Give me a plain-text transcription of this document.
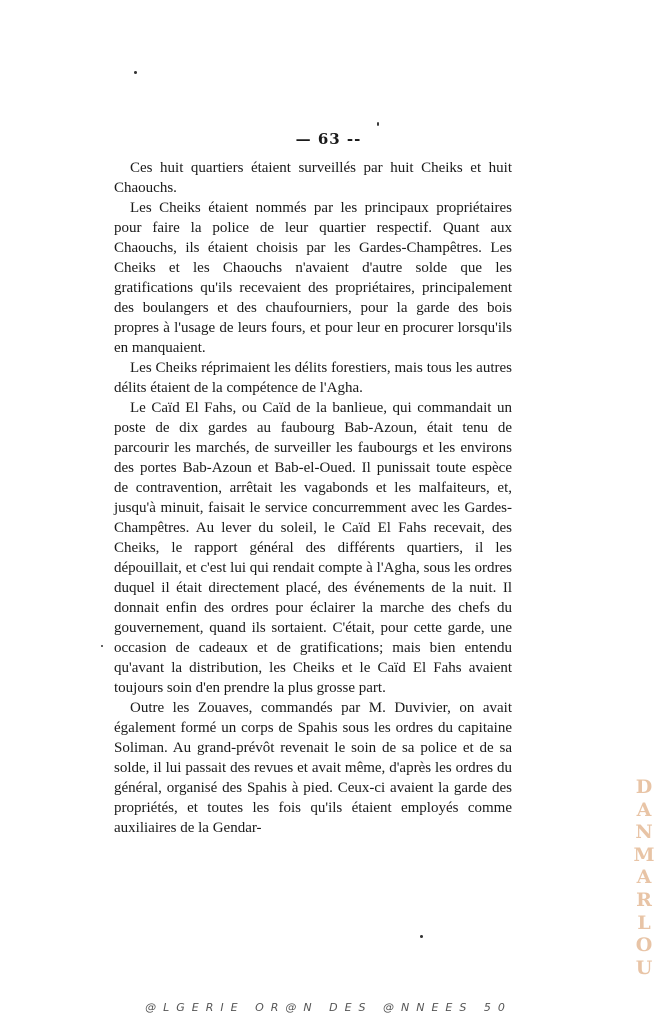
— 63 --

Ces huit quartiers étaient surveillés par huit Cheiks et huit Chaouchs.

Les Cheiks étaient nommés par les principaux propriétaires pour faire la police de leur quartier respectif. Quant aux Chaouchs, ils étaient choisis par les Gardes-Champêtres. Les Cheiks et les Chaouchs n'avaient d'autre solde que les gratifications qu'ils recevaient des propriétaires, principalement des boulangers et des chaufourniers, pour la garde des bois propres à l'usage de leurs fours, et pour leur en procurer lorsqu'ils en manquaient.

Les Cheiks réprimaient les délits forestiers, mais tous les autres délits étaient de la compétence de l'Agha.

Le Caïd El Fahs, ou Caïd de la banlieue, qui commandait un poste de dix gardes au faubourg Bab-Azoun, était tenu de parcourir les marchés, de surveiller les faubourgs et les environs des portes Bab-Azoun et Bab-el-Oued. Il punissait toute espèce de contravention, arrêtait les vagabonds et les malfaiteurs, et, jusqu'à minuit, faisait le service concurremment avec les Gardes-Champêtres. Au lever du soleil, le Caïd El Fahs recevait, des Cheiks, le rapport général des différents quartiers, il les dépouillait, et c'est lui qui rendait compte à l'Agha, sous les ordres duquel il était directement placé, des événements de la nuit. Il donnait enfin des ordres pour éclairer la marche des chefs du gouvernement, quand ils sortaient. C'était, pour cette garde, une occasion de cadeaux et de gratifications; mais bien entendu qu'avant la distribution, les Cheiks et le Caïd El Fahs avaient toujours soin d'en prendre la plus grosse part.

Outre les Zouaves, commandés par M. Duvivier, on avait également formé un corps de Spahis sous les ordres du capitaine Soliman. Au grand-prévôt revenait le soin de sa police et de sa solde, il lui passait des revues et avait même, d'après les ordres du général, organisé des Spahis à pied. Ceux-ci avaient la garde des propriétés, et toutes les fois qu'ils étaient employés comme auxiliaires de la Gendar-

D
A
N
M
A
R
L
O
U
@LGERIE OR@N DES @NNEES 50
